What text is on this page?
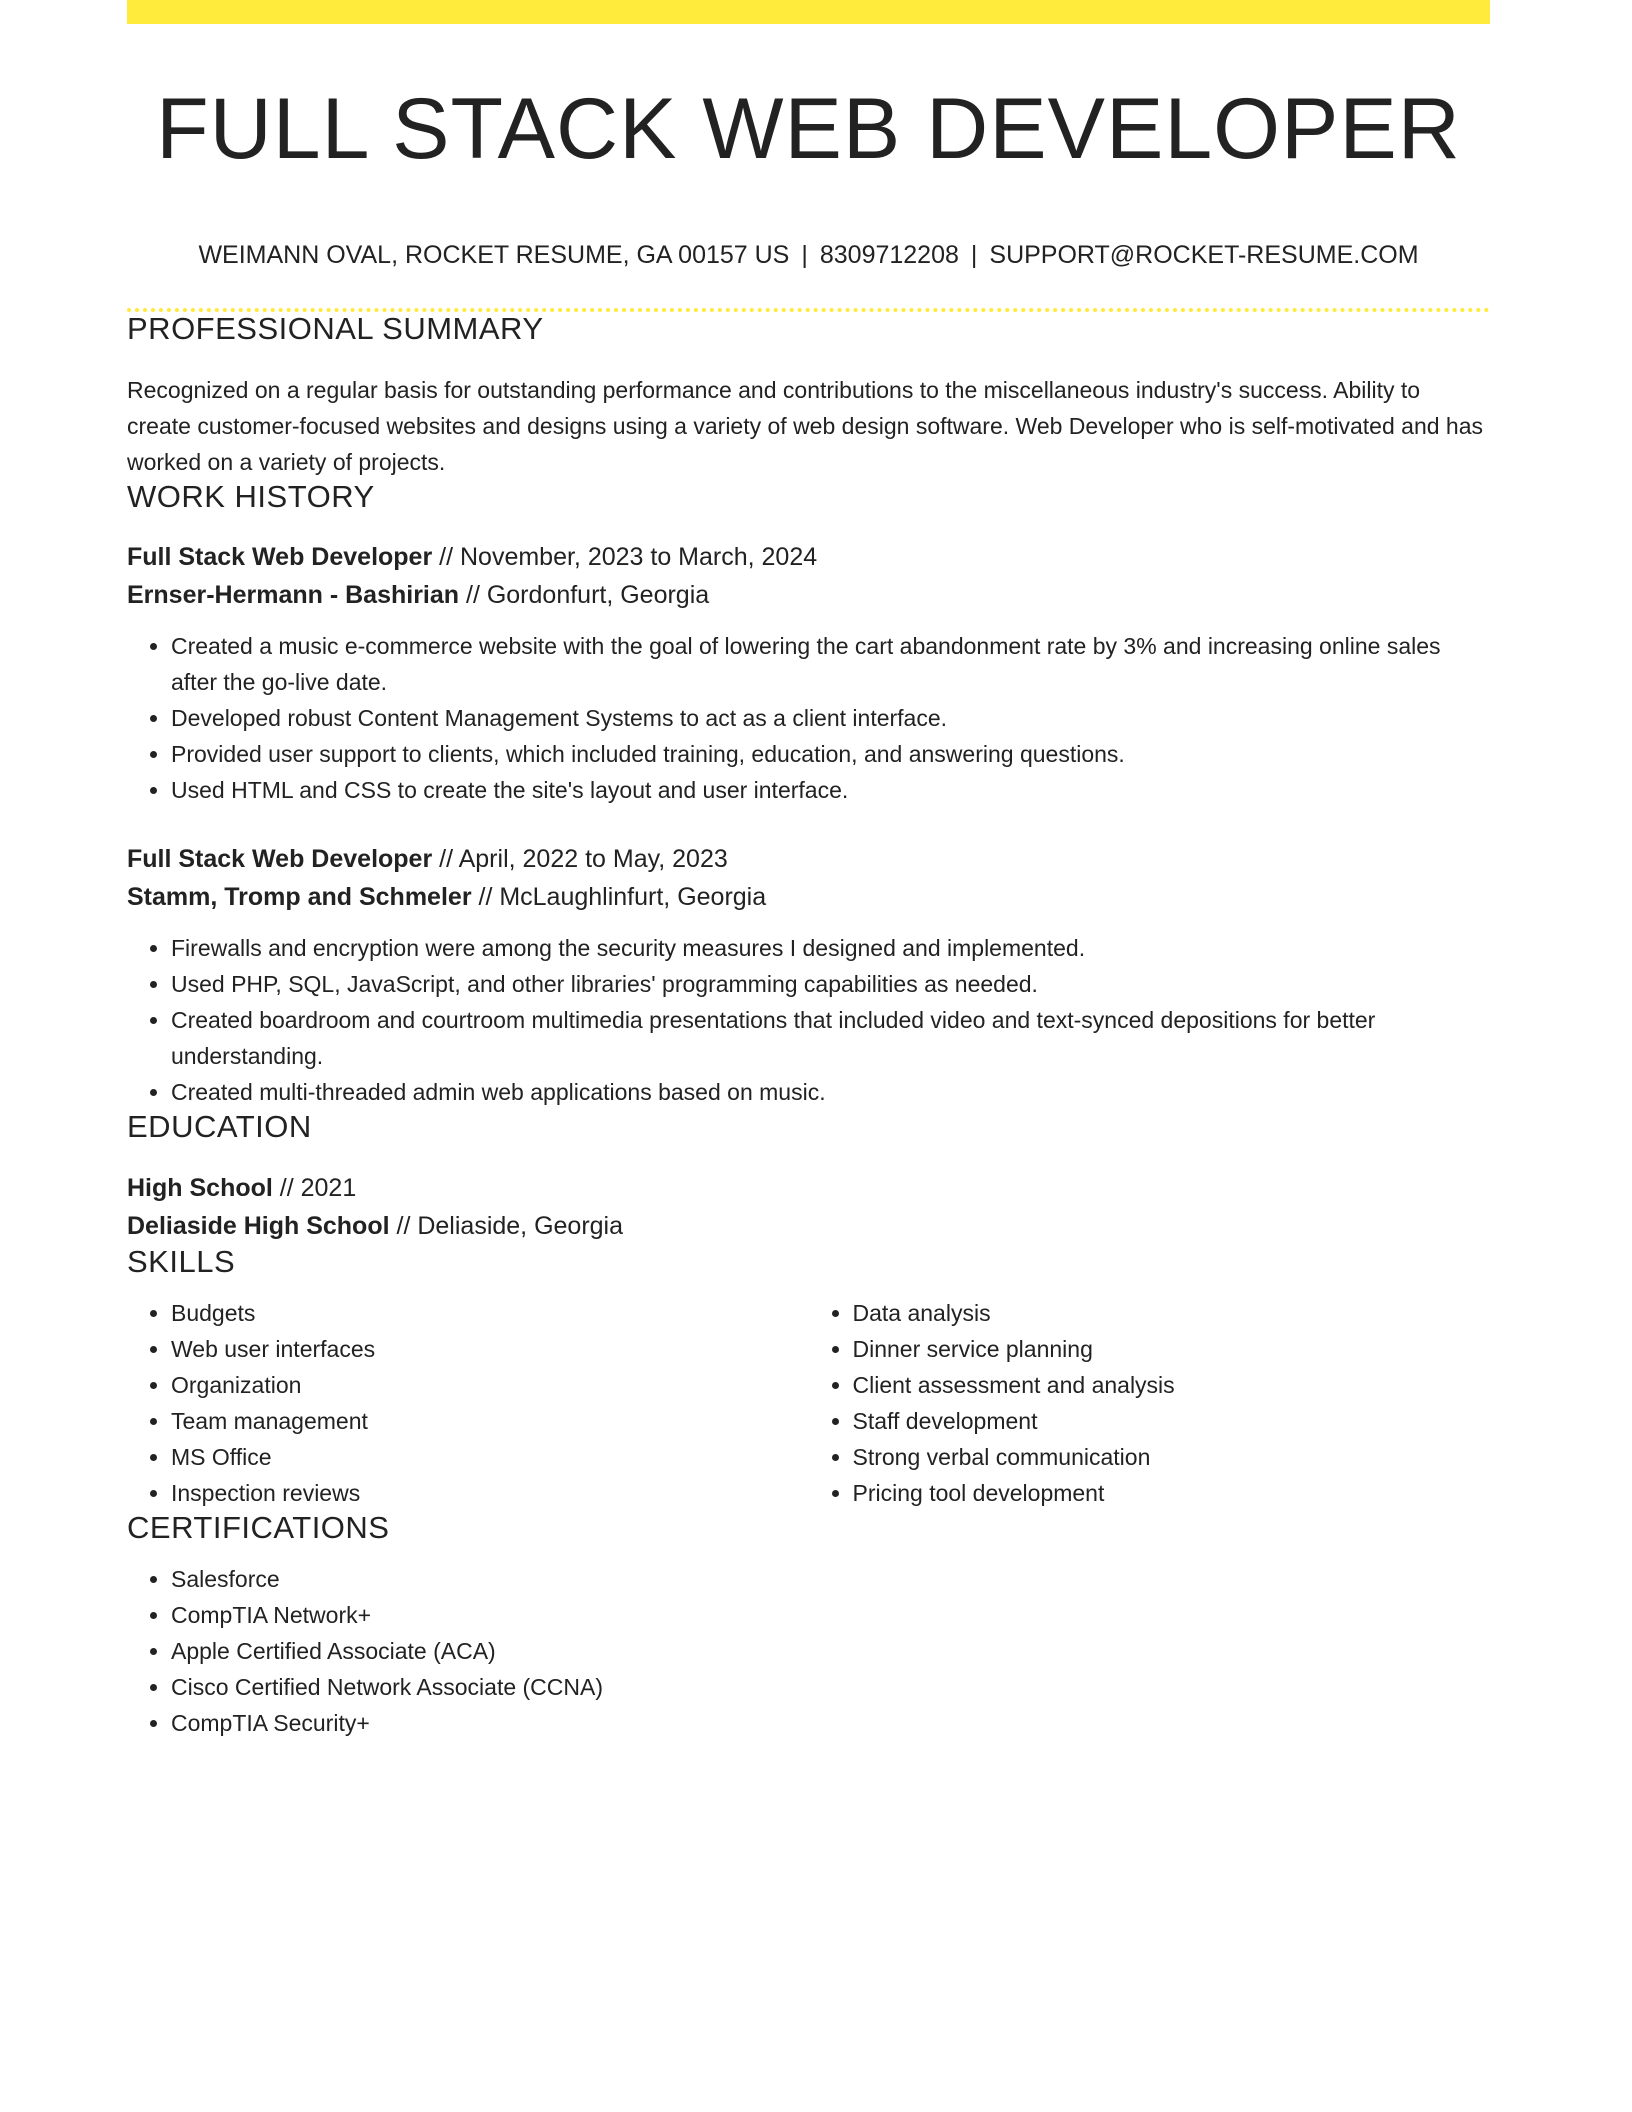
FULL STACK WEB DEVELOPER
WEIMANN OVAL, ROCKET RESUME, GA 00157 US | 8309712208 | SUPPORT@ROCKET-RESUME.COM
PROFESSIONAL SUMMARY
Recognized on a regular basis for outstanding performance and contributions to the miscellaneous industry's success. Ability to create customer-focused websites and designs using a variety of web design software. Web Developer who is self-motivated and has worked on a variety of projects.
WORK HISTORY
Full Stack Web Developer // November, 2023 to March, 2024
Ernser-Hermann - Bashirian // Gordonfurt, Georgia
• Created a music e-commerce website with the goal of lowering the cart abandonment rate by 3% and increasing online sales after the go-live date.
• Developed robust Content Management Systems to act as a client interface.
• Provided user support to clients, which included training, education, and answering questions.
• Used HTML and CSS to create the site's layout and user interface.
Full Stack Web Developer // April, 2022 to May, 2023
Stamm, Tromp and Schmeler // McLaughlinfurt, Georgia
• Firewalls and encryption were among the security measures I designed and implemented.
• Used PHP, SQL, JavaScript, and other libraries' programming capabilities as needed.
• Created boardroom and courtroom multimedia presentations that included video and text-synced depositions for better understanding.
• Created multi-threaded admin web applications based on music.
EDUCATION
High School // 2021
Deliaside High School // Deliaside, Georgia
SKILLS
• Budgets
• Web user interfaces
• Organization
• Team management
• MS Office
• Inspection reviews
• Data analysis
• Dinner service planning
• Client assessment and analysis
• Staff development
• Strong verbal communication
• Pricing tool development
CERTIFICATIONS
• Salesforce
• CompTIA Network+
• Apple Certified Associate (ACA)
• Cisco Certified Network Associate (CCNA)
• CompTIA Security+
